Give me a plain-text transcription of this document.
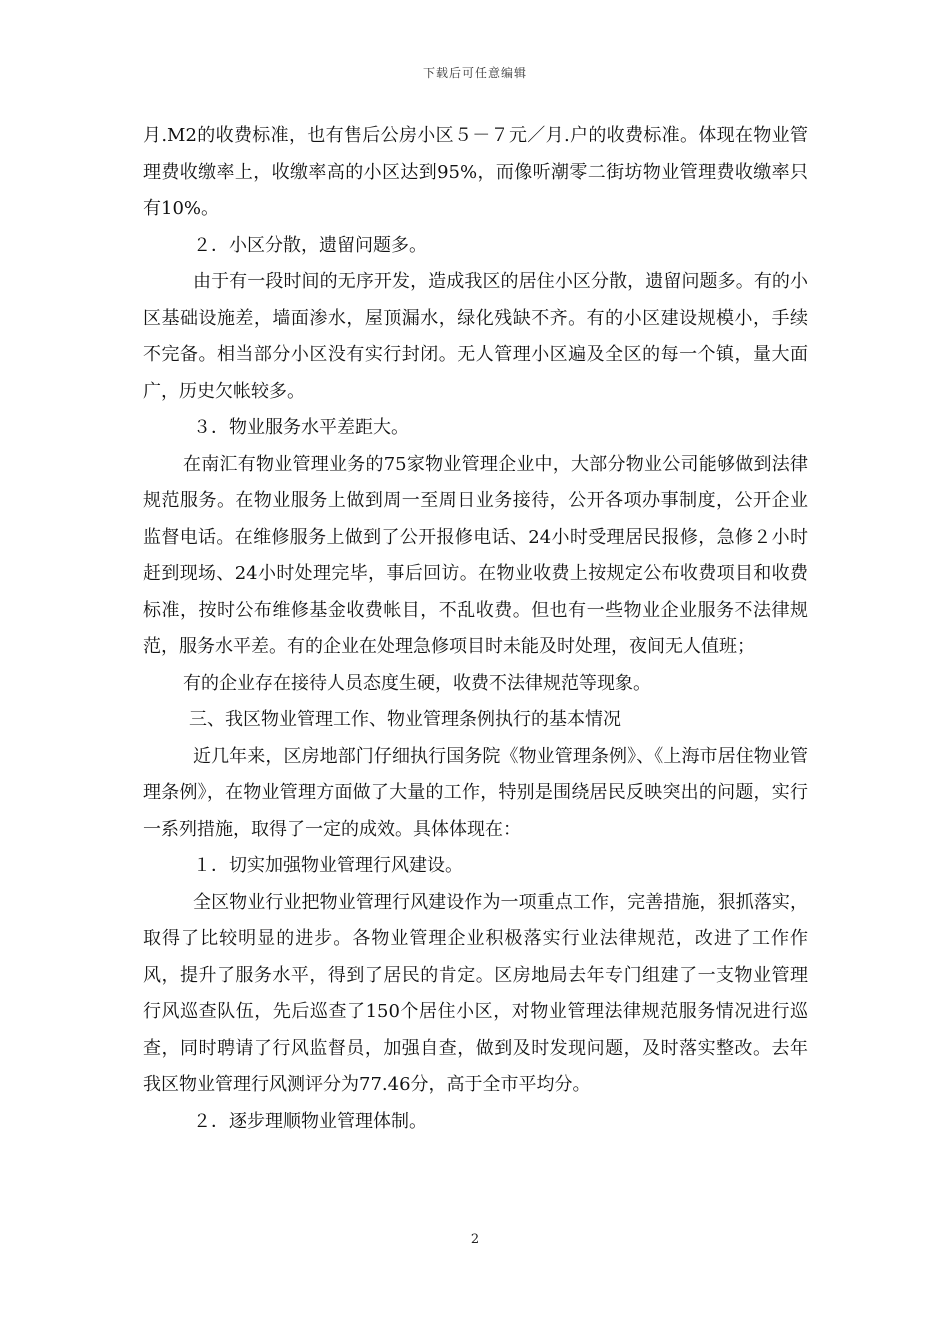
下载后可任意编辑

月.M2的收费标准，也有售后公房小区５－７元／月.户的收费标准。体现在物业管理费收缴率上，收缴率高的小区达到95%，而像听潮零二街坊物业管理费收缴率只有10%。

２．小区分散，遗留问题多。

由于有一段时间的无序开发，造成我区的居住小区分散，遗留问题多。有的小区基础设施差，墙面渗水，屋顶漏水，绿化残缺不齐。有的小区建设规模小，手续不完备。相当部分小区没有实行封闭。无人管理小区遍及全区的每一个镇，量大面广，历史欠帐较多。

３．物业服务水平差距大。

在南汇有物业管理业务的75家物业管理企业中，大部分物业公司能够做到法律规范服务。在物业服务上做到周一至周日业务接待，公开各项办事制度，公开企业监督电话。在维修服务上做到了公开报修电话、24小时受理居民报修，急修２小时赶到现场、24小时处理完毕，事后回访。在物业收费上按规定公布收费项目和收费标准，按时公布维修基金收费帐目，不乱收费。但也有一些物业企业服务不法律规范，服务水平差。有的企业在处理急修项目时未能及时处理，夜间无人值班；

有的企业存在接待人员态度生硬，收费不法律规范等现象。

三、我区物业管理工作、物业管理条例执行的基本情况

近几年来，区房地部门仔细执行国务院《物业管理条例》、《上海市居住物业管理条例》，在物业管理方面做了大量的工作，特别是围绕居民反映突出的问题，实行一系列措施，取得了一定的成效。具体体现在：

１．切实加强物业管理行风建设。

全区物业行业把物业管理行风建设作为一项重点工作，完善措施，狠抓落实，取得了比较明显的进步。各物业管理企业积极落实行业法律规范，改进了工作作风，提升了服务水平，得到了居民的肯定。区房地局去年专门组建了一支物业管理行风巡查队伍，先后巡查了150个居住小区，对物业管理法律规范服务情况进行巡查，同时聘请了行风监督员，加强自查，做到及时发现问题，及时落实整改。去年我区物业管理行风测评分为77.46分，高于全市平均分。

２．逐步理顺物业管理体制。

2
